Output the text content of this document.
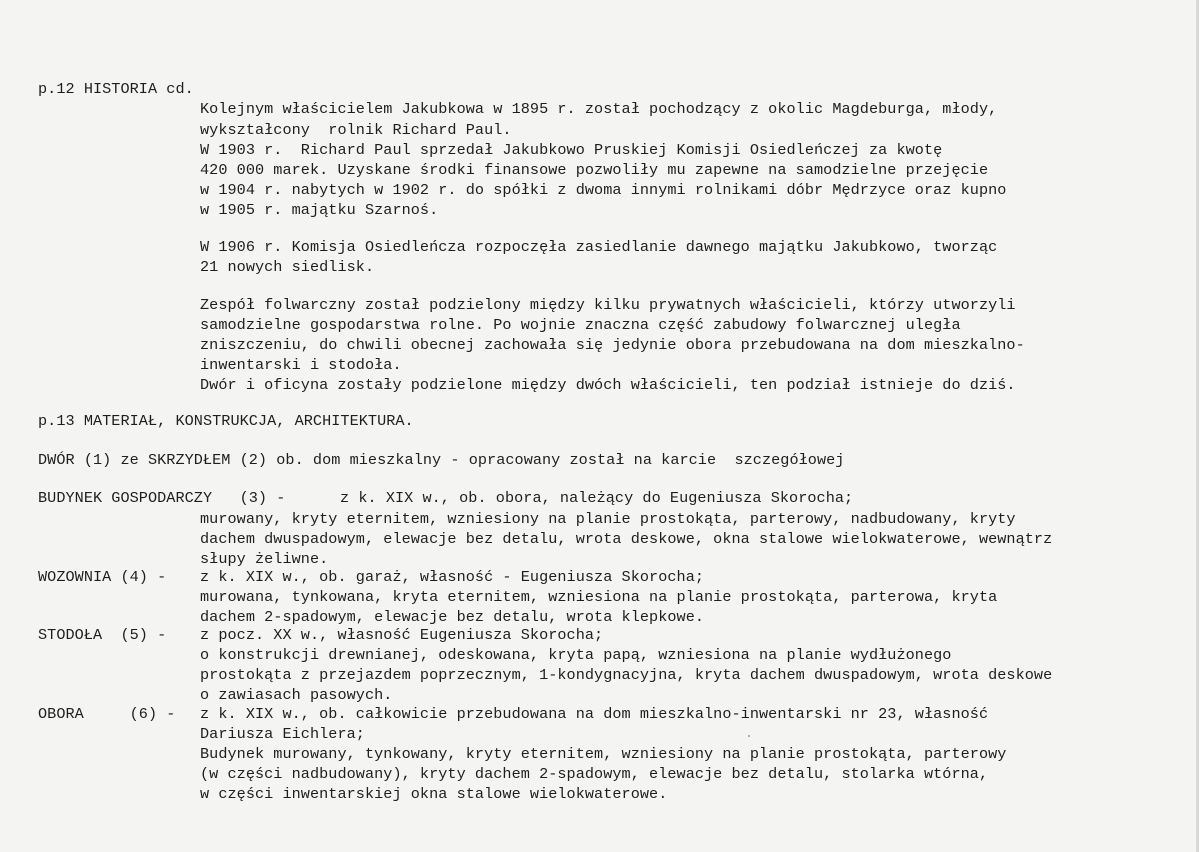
p.12 HISTORIA cd.
Kolejnym właścicielem Jakubkowa w 1895 r. został pochodzący z okolic Magdeburga, młody,
wykształcony  rolnik Richard Paul.
W 1903 r.  Richard Paul sprzedał Jakubkowo Pruskiej Komisji Osiedleńczej za kwotę
420 000 marek. Uzyskane środki finansowe pozwoliły mu zapewne na samodzielne przejęcie
w 1904 r. nabytych w 1902 r. do spółki z dwoma innymi rolnikami dóbr Mędrzyce oraz kupno
w 1905 r. majątku Szarnoś.
W 1906 r. Komisja Osiedleńcza rozpoczęła zasiedlanie dawnego majątku Jakubkowo, tworząc
21 nowych siedlisk.
Zespół folwarczny został podzielony między kilku prywatnych właścicieli, którzy utworzyli
samodzielne gospodarstwa rolne. Po wojnie znaczna część zabudowy folwarcznej uległa
zniszczeniu, do chwili obecnej zachowała się jedynie obora przebudowana na dom mieszkalno-
inwentarski i stodoła.
Dwór i oficyna zostały podzielone między dwóch właścicieli, ten podział istnieje do dziś.
p.13 MATERIAŁ, KONSTRUKCJA, ARCHITEKTURA.
DWÓR (1) ze SKRZYDŁEM (2) ob. dom mieszkalny - opracowany został na karcie  szczegółowej
BUDYNEK GOSPODARCZY   (3) -	z k. XIX w., ob. obora, należący do Eugeniusza Skorocha;
murowany, kryty eternitem, wzniesiony na planie prostokąta, parterowy, nadbudowany, kryty
dachem dwuspadowym, elewacje bez detalu, wrota deskowe, okna stalowe wielokwaterowe, wewnątrz
słupy żeliwne.
WOZOWNIA (4) - z k. XIX w., ob. garaż, własność - Eugeniusza Skorocha;
murowana, tynkowana, kryta eternitem, wzniesiona na planie prostokąta, parterowa, kryta
dachem 2-spadowym, elewacje bez detalu, wrota klepkowe.
STODOŁA  (5) - z pocz. XX w., własność Eugeniusza Skorocha;
o konstrukcji drewnianej, odeskowana, kryta papą, wzniesiona na planie wydłużonego
prostokąta z przejazdem poprzecznym, 1-kondygnacyjna, kryta dachem dwuspadowym, wrota deskowe
o zawiasach pasowych.
OBORA     (6) - z k. XIX w., ob. całkowicie przebudowana na dom mieszkalno-inwentarski nr 23, własność
Dariusza Eichlera;
Budynek murowany, tynkowany, kryty eternitem, wzniesiony na planie prostokąta, parterowy
(w części nadbudowany), kryty dachem 2-spadowym, elewacje bez detalu, stolarka wtórna,
w części inwentarskiej okna stalowe wielokwaterowe.
